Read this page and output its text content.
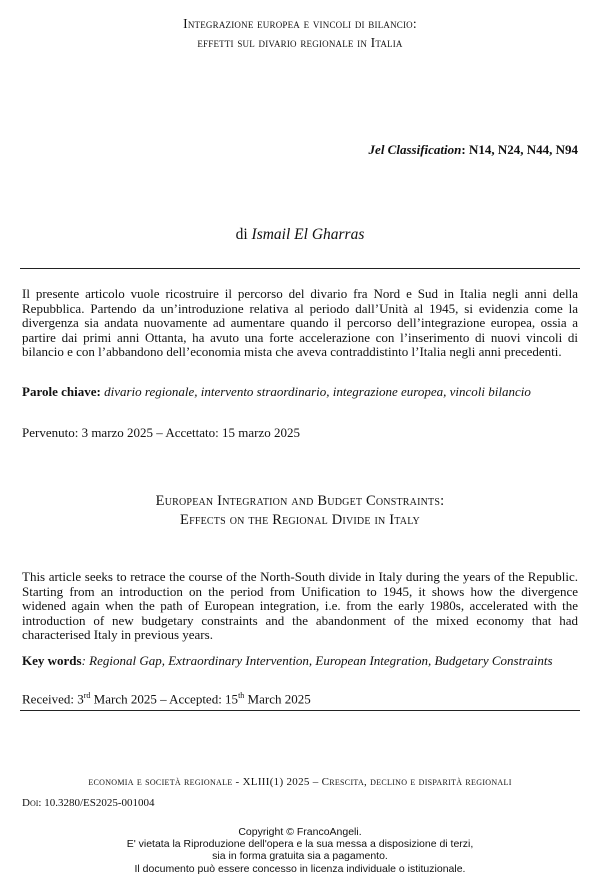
Integrazione europea e vincoli di bilancio:
effetti sul divario regionale in Italia
Jel Classification: N14, N24, N44, N94
di Ismail El Gharras
Il presente articolo vuole ricostruire il percorso del divario fra Nord e Sud in Italia negli anni della Repubblica. Partendo da un’introduzione relativa al periodo dall’Unità al 1945, si evidenzia come la divergenza sia andata nuovamente ad aumentare quando il percorso dell’integrazione europea, ossia a partire dai primi anni Ottanta, ha avuto una forte accelerazione con l’inserimento di nuovi vincoli di bilancio e con l’abbandono dell’economia mista che aveva contraddistinto l’Italia negli anni precedenti.
Parole chiave: divario regionale, intervento straordinario, integrazione europea, vincoli bilancio
Pervenuto: 3 marzo 2025 – Accettato: 15 marzo 2025
European Integration and Budget Constraints:
Effects on the Regional Divide in Italy
This article seeks to retrace the course of the North-South divide in Italy during the years of the Republic. Starting from an introduction on the period from Unification to 1945, it shows how the divergence widened again when the path of European integration, i.e. from the early 1980s, accelerated with the introduction of new budgetary constraints and the abandonment of the mixed economy that had characterised Italy in previous years.
Key words: Regional Gap, Extraordinary Intervention, European Integration, Budgetary Constraints
Received: 3rd March 2025 – Accepted: 15th March 2025
economia e società regionale - XLIII(1) 2025 – Crescita, declino e disparità regionali
Doi: 10.3280/ES2025-001004
Copyright © FrancoAngeli.
E' vietata la Riproduzione dell'opera e la sua messa a disposizione di terzi,
sia in forma gratuita sia a pagamento.
Il documento può essere concesso in licenza individuale o istituzionale.
